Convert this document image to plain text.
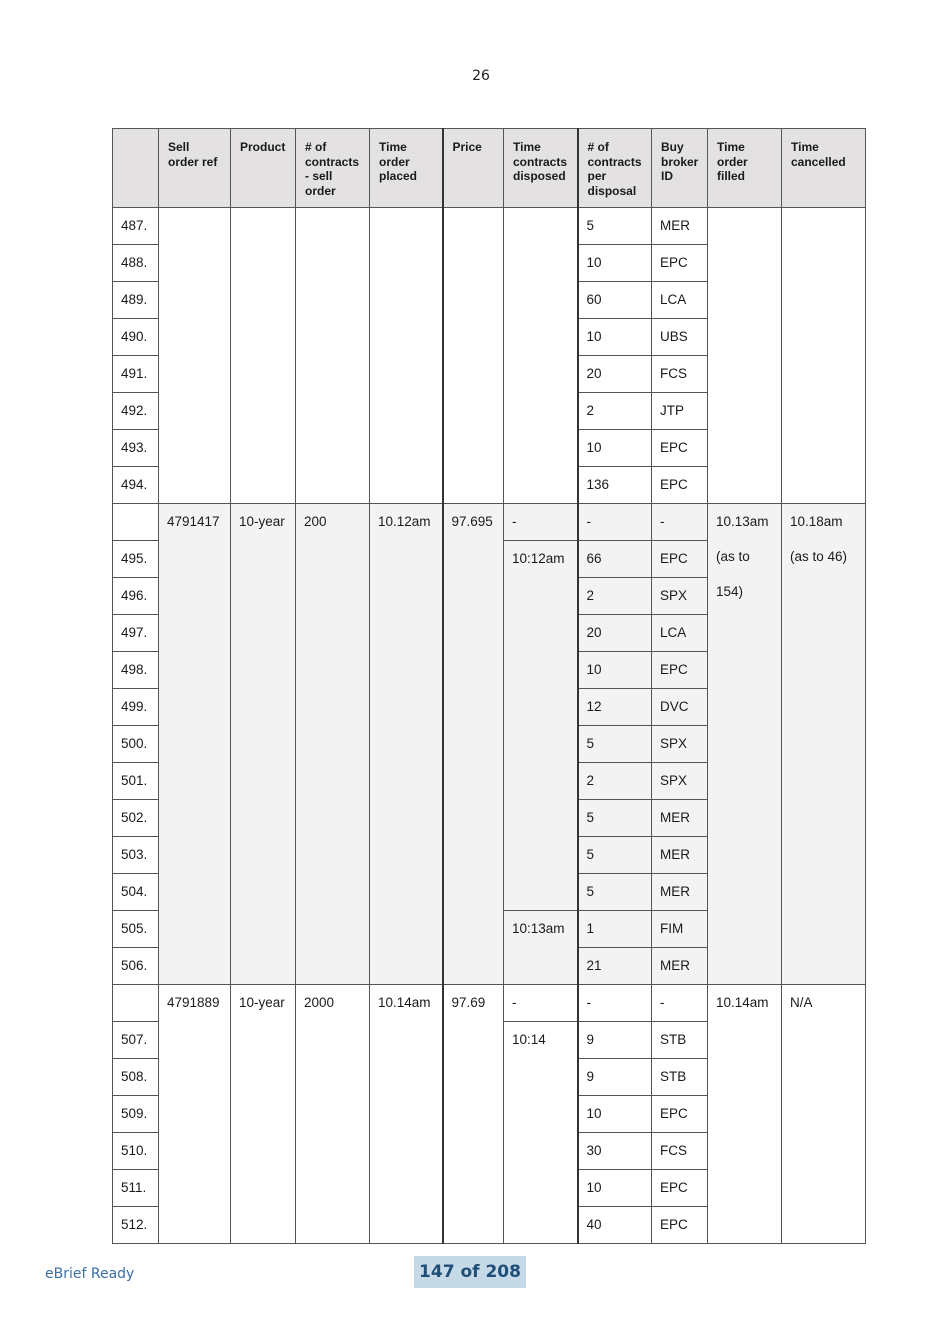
26
	Sell order ref	Product	# of contracts - sell order	Time order placed	Price	Time contracts disposed	# of contracts per disposal	Buy broker ID	Time order filled	Time cancelled
487.							5	MER		
488.							10	EPC		
489.							60	LCA		
490.							10	UBS		
491.							20	FCS		
492.							2	JTP		
493.							10	EPC		
494.							136	EPC		
	4791417	10-year	200	10.12am	97.695	-	-	-	10.13am (as to 154)	10.18am (as to 46)
495.						10:12am	66	EPC		
496.							2	SPX		
497.							20	LCA		
498.							10	EPC		
499.							12	DVC		
500.							5	SPX		
501.							2	SPX		
502.							5	MER		
503.							5	MER		
504.							5	MER		
505.						10:13am	1	FIM		
506.							21	MER		
	4791889	10-year	2000	10.14am	97.69	-	-	-	10.14am	N/A
507.						10:14	9	STB		
508.							9	STB		
509.							10	EPC		
510.							30	FCS		
511.							10	EPC		
512.							40	EPC		
eBrief Ready	147 of 208
